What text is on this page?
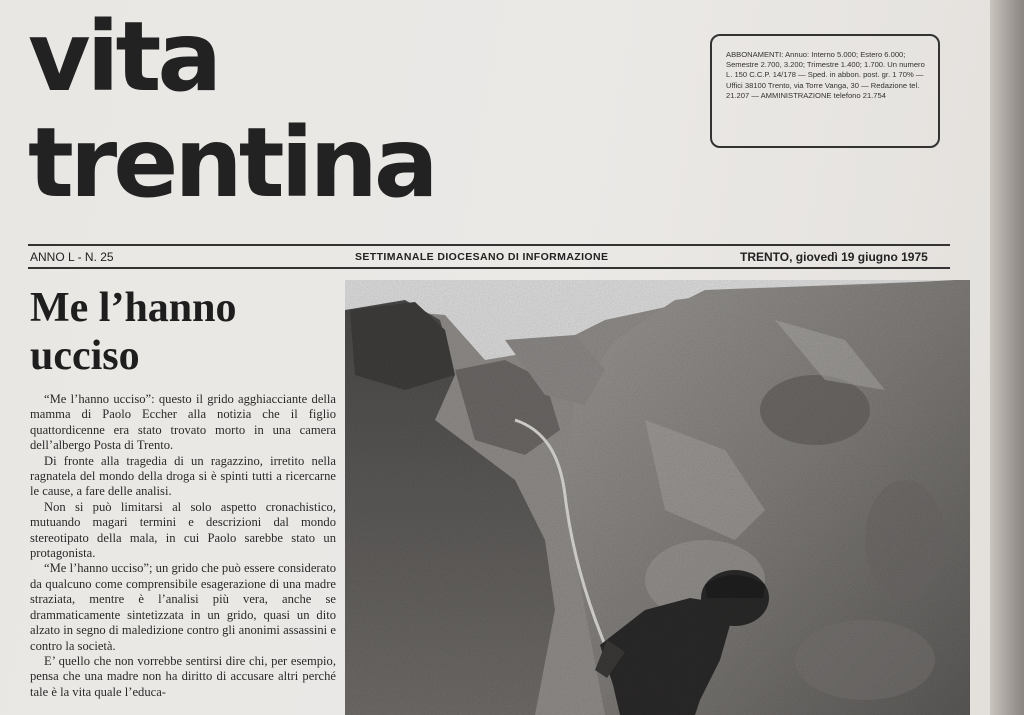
vita
trentina
ABBONAMENTI: Annuo: Interno 5.000; Estero 6.000; Semestre 2.700, 3.200; Trimestre 1.400; 1.700. Un numero L. 150 C.C.P. 14/178 — Sped. in abbon. post. gr. 1 70% — Uffici 38100 Trento, via Torre Vanga, 30 — Redazione tel. 21.207 — AMMINISTRAZIONE telefono 21.754
ANNO L - N. 25	SETTIMANALE DIOCESANO DI INFORMAZIONE	TRENTO, giovedì 19 giugno 1975
Me l’hanno
ucciso

“Me l’hanno ucciso”: questo il grido agghiacciante della mamma di Paolo Eccher alla notizia che il figlio quattordicenne era stato trovato morto in una camera dell’albergo Posta di Trento.

Di fronte alla tragedia di un ragazzino, irretito nella ragnatela del mondo della droga si è spinti tutti a ricercarne le cause, a fare delle analisi.

Non si può limitarsi al solo aspetto cronachistico, mutuando magari termini e descrizioni dal mondo stereotipato della mala, in cui Paolo sarebbe stato un protagonista.

“Me l’hanno ucciso”; un grido che può essere considerato da qualcuno come comprensibile esagerazione di una madre straziata, mentre è l’analisi più vera, anche se drammaticamente sintetizzata in un grido, quasi un dito alzato in segno di maledizione contro gli anonimi assassini e contro la società.

E’ quello che non vorrebbe sentirsi dire chi, per esempio, pensa che una madre non ha diritto di accusare altri perché tale è la vita quale l’educa-
